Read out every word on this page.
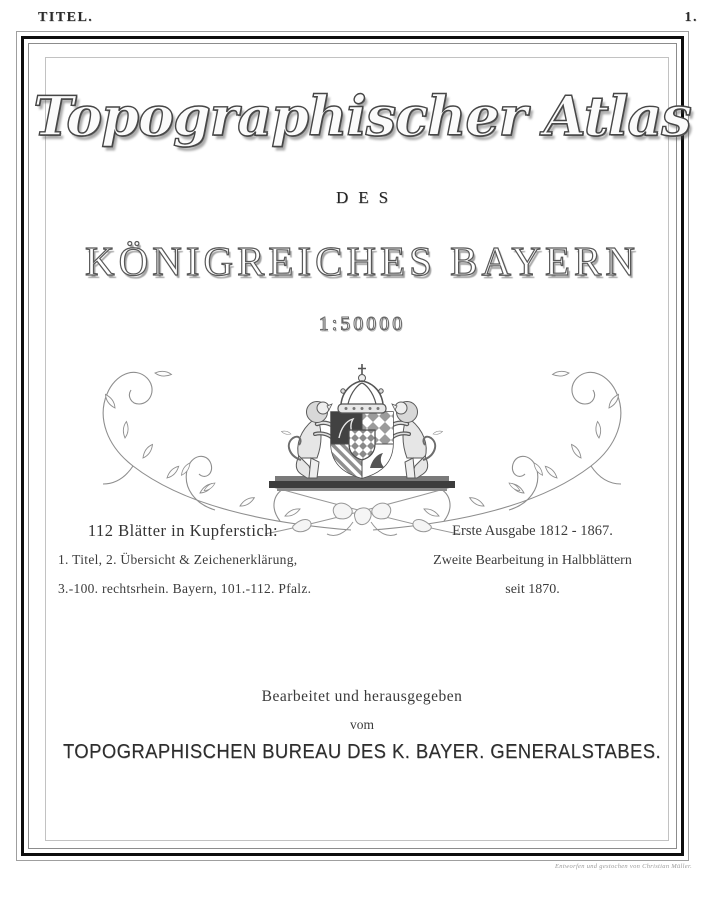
TITEL.	1.
Topographischer Atlas
DES
KÖNIGREICHES BAYERN
1:50000

112 Blätter in Kupferstich:

1. Titel, 2. Übersicht & Zeichenerklärung,

3.-100. rechtsrhein. Bayern, 101.-112. Pfalz.

Erste Ausgabe 1812 - 1867.

Zweite Bearbeitung in Halbblättern

seit 1870.

Bearbeitet und herausgegeben
vom
TOPOGRAPHISCHEN BUREAU DES K. BAYER. GENERALSTABES.
Entworfen und gestochen von Christian Müller.
